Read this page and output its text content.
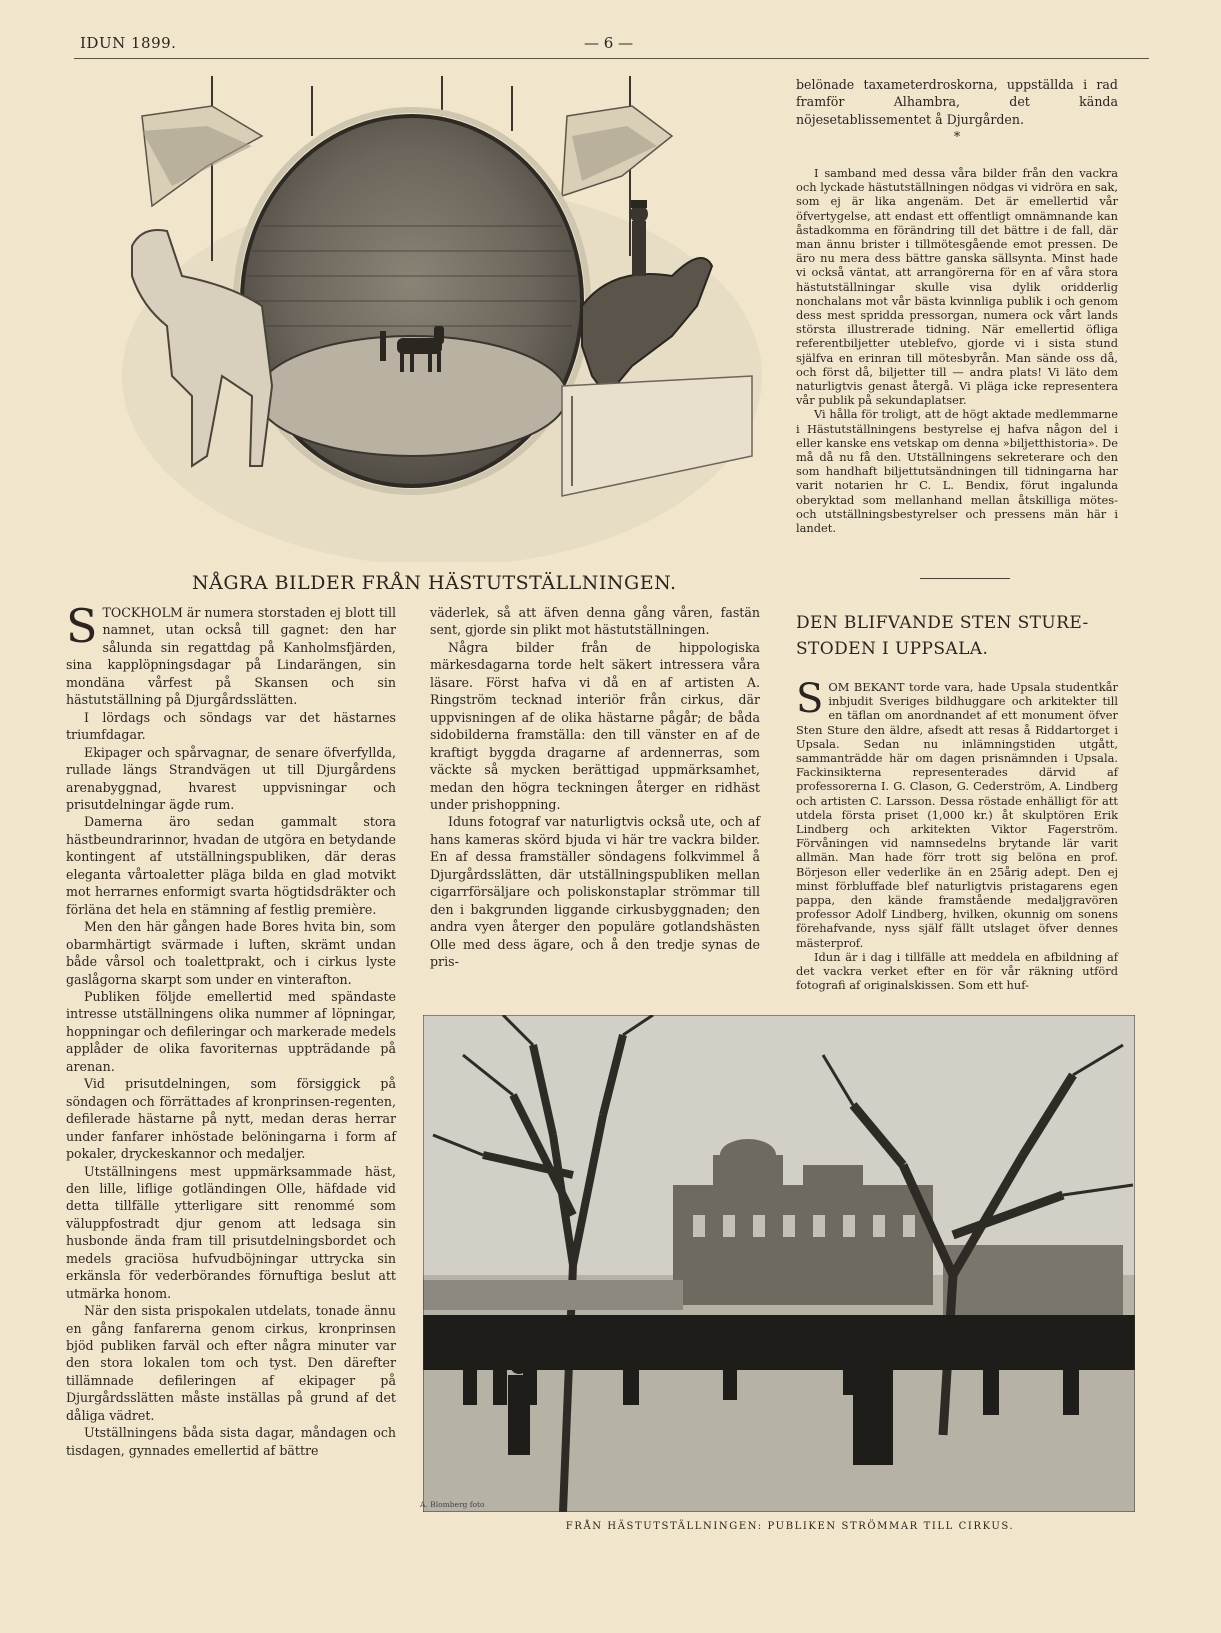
IDUN 1899.	— 6 —
NÅGRA BILDER FRÅN HÄSTUTSTÄLLNINGEN.

STOCKHOLM är numera storstaden ej blott till namnet, utan också till gagnet: den har sålunda sin regattdag på Kanholmsfjärden, sina kapplöpningsdagar på Lindarängen, sin mondäna vårfest på Skansen och sin hästutställning på Djurgårdsslätten.

I lördags och söndags var det hästarnes triumfdagar.

Ekipager och spårvagnar, de senare öfverfyllda, rullade längs Strandvägen ut till Djurgårdens arenabyggnad, hvarest uppvisningar och prisutdelningar ägde rum.

Damerna äro sedan gammalt stora hästbeundrarinnor, hvadan de utgöra en betydande kontingent af utställningspubliken, där deras eleganta vårtoaletter pläga bilda en glad motvikt mot herrarnes enformigt svarta högtidsdräkter och förläna det hela en stämning af festlig première.

Men den här gången hade Bores hvita bin, som obarmhärtigt svärmade i luften, skrämt undan både vårsol och toalettprakt, och i cirkus lyste gaslågorna skarpt som under en vinterafton.

Publiken följde emellertid med spändaste intresse utställningens olika nummer af löpningar, hoppningar och defileringar och markerade medels applåder de olika favoriternas uppträdande på arenan.

Vid prisutdelningen, som försiggick på söndagen och förrättades af kronprinsen-regenten, defilerade hästarne på nytt, medan deras herrar under fanfarer inhöstade belöningarna i form af pokaler, dryckeskannor och medaljer.

Utställningens mest uppmärksammade häst, den lille, liflige gotländingen Olle, häfdade vid detta tillfälle ytterligare sitt renommé som väluppfostradt djur genom att ledsaga sin husbonde ända fram till prisutdelningsbordet och medels graciösa hufvudböjningar uttrycka sin erkänsla för vederbörandes förnuftiga beslut att utmärka honom.

När den sista prispokalen utdelats, tonade ännu en gång fanfarerna genom cirkus, kronprinsen bjöd publiken farväl och efter några minuter var den stora lokalen tom och tyst. Den därefter tillämnade defileringen af ekipager på Djurgårdsslätten måste inställas på grund af det dåliga vädret.

Utställningens båda sista dagar, måndagen och tisdagen, gynnades emellertid af bättre

väderlek, så att äfven denna gång våren, fastän sent, gjorde sin plikt mot hästutställningen.

Några bilder från de hippologiska märkesdagarna torde helt säkert intressera våra läsare. Först hafva vi då en af artisten A. Ringström tecknad interiör från cirkus, där uppvisningen af de olika hästarne pågår; de båda sidobilderna framställa: den till vänster en af de kraftigt byggda dragarne af ardennerras, som väckte så mycken berättigad uppmärksamhet, medan den högra teckningen återger en ridhäst under prishoppning.

Iduns fotograf var naturligtvis också ute, och af hans kameras skörd bjuda vi här tre vackra bilder. En af dessa framställer söndagens folkvimmel å Djurgårdsslätten, där utställningspubliken mellan cigarrförsäljare och poliskonstaplar strömmar till den i bakgrunden liggande cirkusbyggnaden; den andra vyen återger den populäre gotlandshästen Olle med dess ägare, och å den tredje synas de pris-

belönade taxameterdroskorna, uppställda i rad framför Alhambra, det kända nöjesetablissementet å Djurgården.

*

I samband med dessa våra bilder från den vackra och lyckade hästutställningen nödgas vi vidröra en sak, som ej är lika angenäm. Det är emellertid vår öfvertygelse, att endast ett offentligt omnämnande kan åstadkomma en förändring till det bättre i de fall, där man ännu brister i tillmötesgående emot pressen. De äro nu mera dess bättre ganska sällsynta. Minst hade vi också väntat, att arrangörerna för en af våra stora hästutställningar skulle visa dylik oridderlig nonchalans mot vår bästa kvinnliga publik i och genom dess mest spridda pressorgan, numera ock vårt lands största illustrerade tidning. När emellertid öfliga referentbiljetter uteblefvo, gjorde vi i sista stund själfva en erinran till mötesbyrån. Man sände oss då, och först då, biljetter till — andra plats! Vi läto dem naturligtvis genast återgå. Vi pläga icke representera vår publik på sekundaplatser.

Vi hålla för troligt, att de högt aktade medlemmarne i Hästutställningens bestyrelse ej hafva någon del i eller kanske ens vetskap om denna »biljetthistoria». De må då nu få den. Utställningens sekreterare och den som handhaft biljettutsändningen till tidningarna har varit notarien hr C. L. Bendix, förut ingalunda oberyktad som mellanhand mellan åtskilliga mötes- och utställningsbestyrelser och pressens män här i landet.

DEN BLIFVANDE STEN STURE-STODEN I UPPSALA.

SOM BEKANT torde vara, hade Upsala studentkår inbjudit Sveriges bildhuggare och arkitekter till en täflan om anordnandet af ett monument öfver Sten Sture den äldre, afsedt att resas å Riddartorget i Upsala. Sedan nu inlämningstiden utgått, sammanträdde här om dagen prisnämnden i Upsala. Fackinsikterna representerades därvid af professorerna I. G. Clason, G. Cederström, A. Lindberg och artisten C. Larsson. Dessa röstade enhälligt för att utdela första priset (1,000 kr.) åt skulptören Erik Lindberg och arkitekten Viktor Fagerström. Förvåningen vid namnsedelns brytande lär varit allmän. Man hade förr trott sig belöna en prof. Börjeson eller vederlike än en 25årig adept. Den ej minst förbluffade blef naturligtvis pristagarens egen pappa, den kände framstående medaljgravören professor Adolf Lindberg, hvilken, okunnig om sonens förehafvande, nyss själf fällt utslaget öfver dennes mästerprof.

Idun är i dag i tillfälle att meddela en afbildning af det vackra verket efter en för vår räkning utförd fotografi af originalskissen. Som ett huf-

A. Blomberg foto
FRÅN HÄSTUTSTÄLLNINGEN: PUBLIKEN STRÖMMAR TILL CIRKUS.
